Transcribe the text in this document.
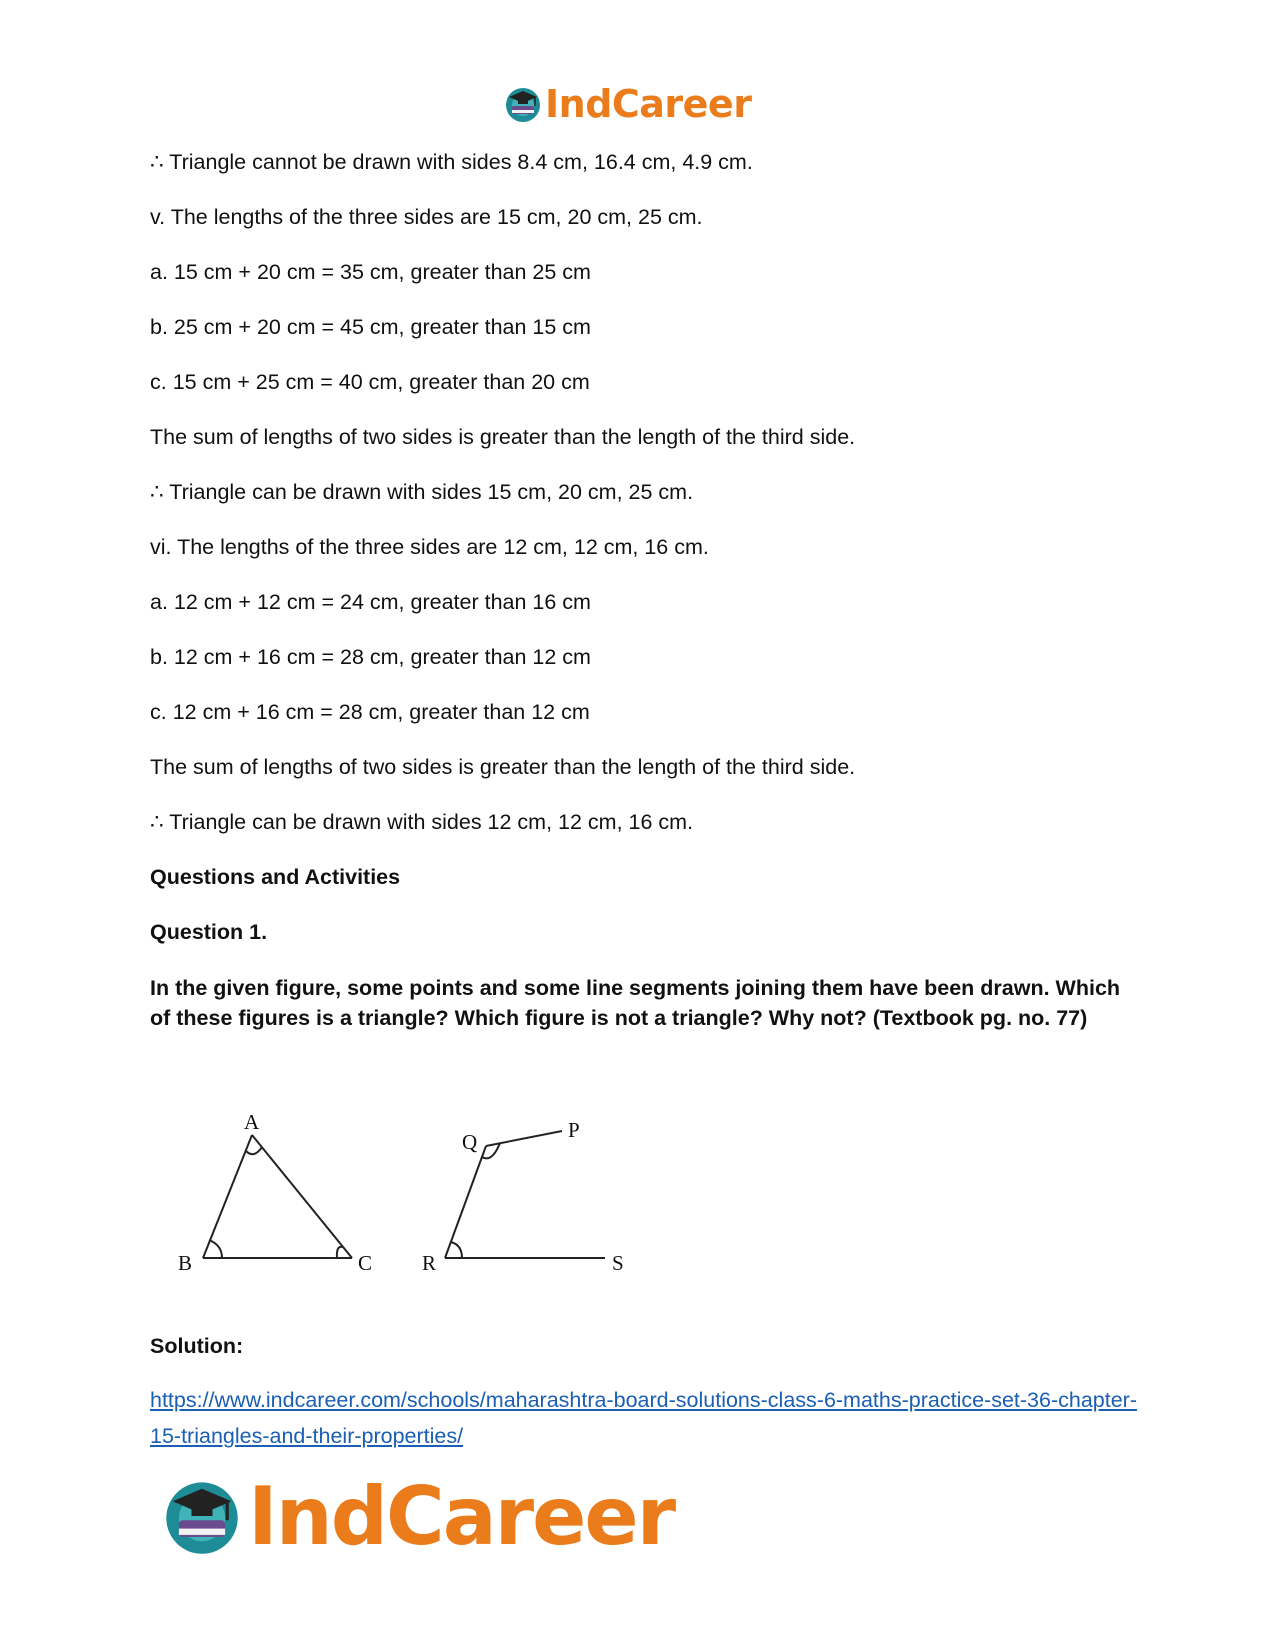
IndCareer
∴ Triangle cannot be drawn with sides 8.4 cm, 16.4 cm, 4.9 cm.
v. The lengths of the three sides are 15 cm, 20 cm, 25 cm.
a. 15 cm + 20 cm = 35 cm, greater than 25 cm
b. 25 cm + 20 cm = 45 cm, greater than 15 cm
c. 15 cm + 25 cm = 40 cm, greater than 20 cm
The sum of lengths of two sides is greater than the length of the third side.
∴ Triangle can be drawn with sides 15 cm, 20 cm, 25 cm.
vi. The lengths of the three sides are 12 cm, 12 cm, 16 cm.
a. 12 cm + 12 cm = 24 cm, greater than 16 cm
b. 12 cm + 16 cm = 28 cm, greater than 12 cm
c. 12 cm + 16 cm = 28 cm, greater than 12 cm
The sum of lengths of two sides is greater than the length of the third side.
∴ Triangle can be drawn with sides 12 cm, 12 cm, 16 cm.
Questions and Activities
Question 1.
In the given figure, some points and some line segments joining them have been drawn. Which of these figures is a triangle? Which figure is not a triangle? Why not? (Textbook pg. no. 77)
A
B	C
Q	P
R	S
Solution:
https://www.indcareer.com/schools/maharashtra-board-solutions-class-6-maths-practice-set-36-chapter-15-triangles-and-their-properties/
IndCareer
